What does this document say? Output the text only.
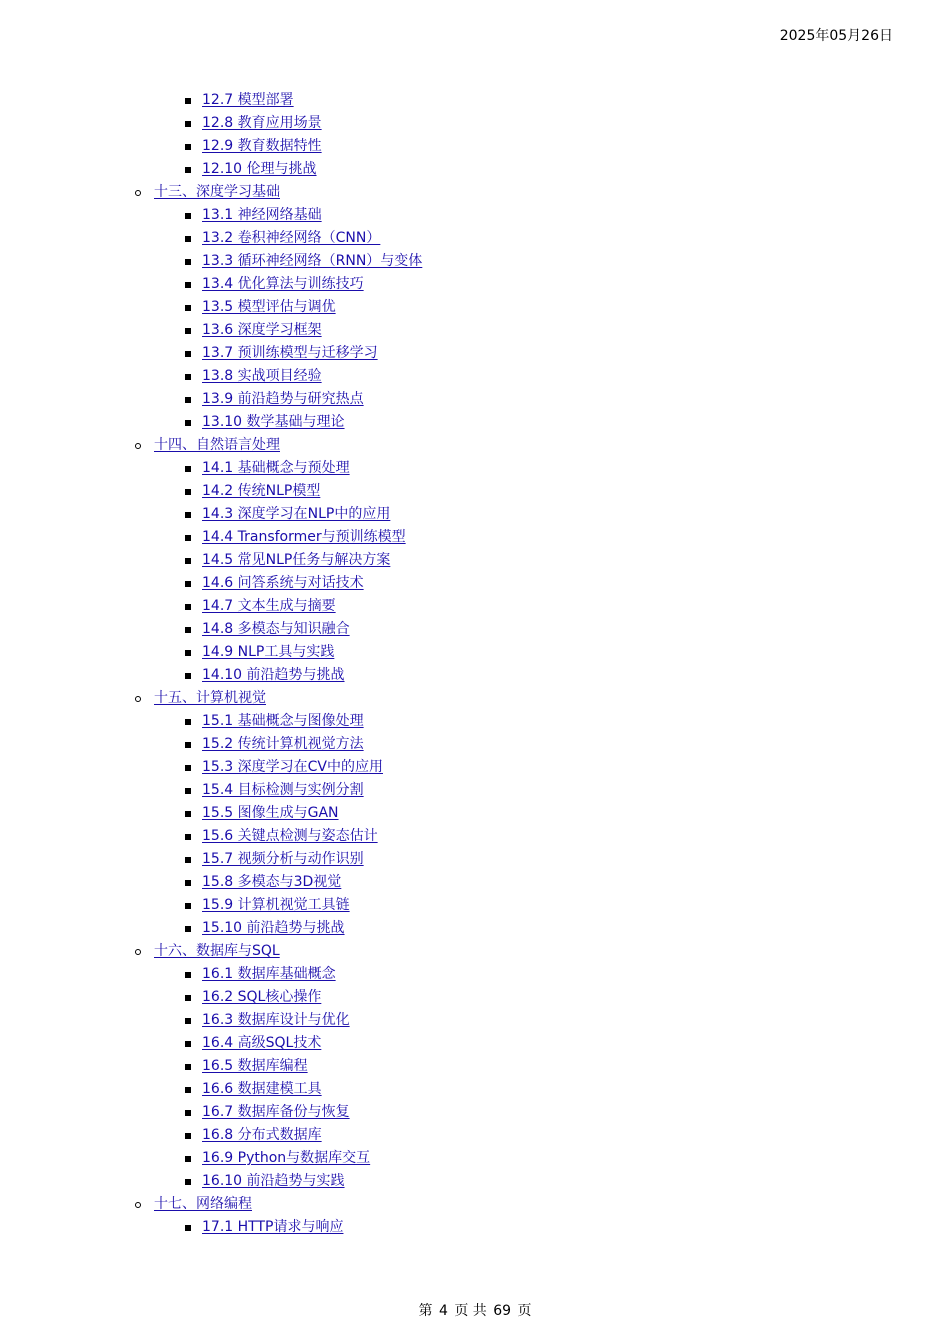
2025年05月26日
12.7 模型部署
12.8 教育应用场景
12.9 教育数据特性
12.10 伦理与挑战
十三、深度学习基础
13.1 神经网络基础
13.2 卷积神经网络（CNN）
13.3 循环神经网络（RNN）与变体
13.4 优化算法与训练技巧
13.5 模型评估与调优
13.6 深度学习框架
13.7 预训练模型与迁移学习
13.8 实战项目经验
13.9 前沿趋势与研究热点
13.10 数学基础与理论
十四、自然语言处理
14.1 基础概念与预处理
14.2 传统NLP模型
14.3 深度学习在NLP中的应用
14.4 Transformer与预训练模型
14.5 常见NLP任务与解决方案
14.6 问答系统与对话技术
14.7 文本生成与摘要
14.8 多模态与知识融合
14.9 NLP工具与实践
14.10 前沿趋势与挑战
十五、计算机视觉
15.1 基础概念与图像处理
15.2 传统计算机视觉方法
15.3 深度学习在CV中的应用
15.4 目标检测与实例分割
15.5 图像生成与GAN
15.6 关键点检测与姿态估计
15.7 视频分析与动作识别
15.8 多模态与3D视觉
15.9 计算机视觉工具链
15.10 前沿趋势与挑战
十六、数据库与SQL
16.1 数据库基础概念
16.2 SQL核心操作
16.3 数据库设计与优化
16.4 高级SQL技术
16.5 数据库编程
16.6 数据建模工具
16.7 数据库备份与恢复
16.8 分布式数据库
16.9 Python与数据库交互
16.10 前沿趋势与实践
十七、网络编程
17.1 HTTP请求与响应
第 4 页 共 69 页
